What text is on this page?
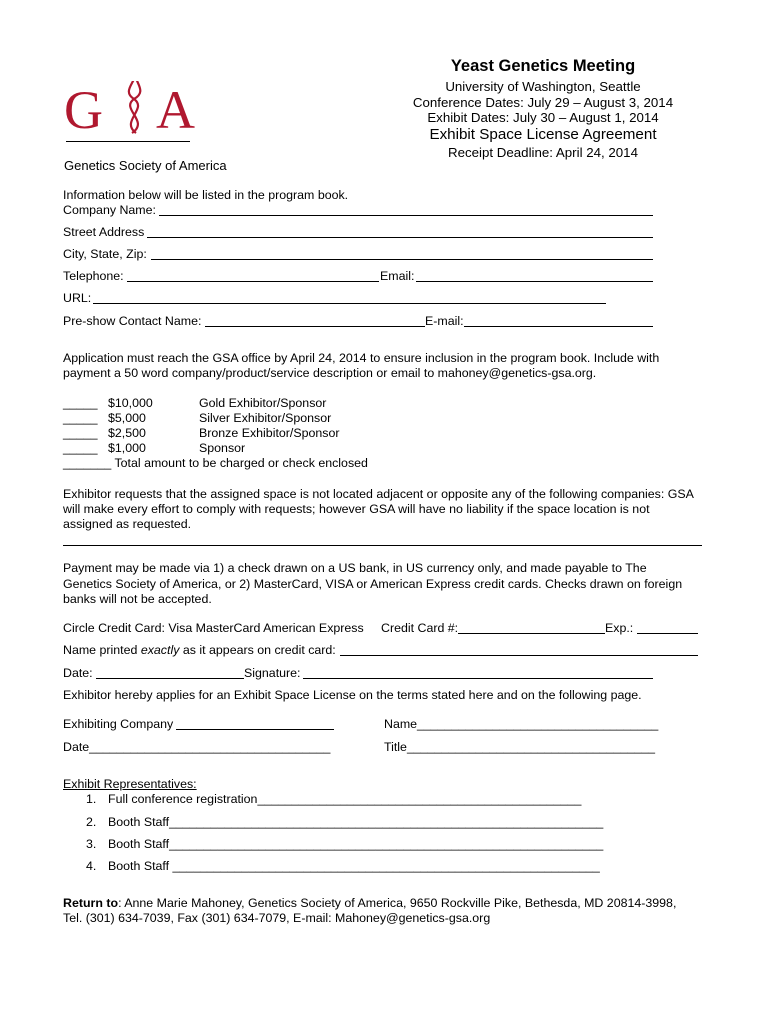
G A
Genetics Society of America
Yeast Genetics Meeting
University of Washington, Seattle
Conference Dates: July 29 – August 3, 2014
Exhibit Dates: July 30 – August 1, 2014
Exhibit Space License Agreement
Receipt Deadline: April 24, 2014
Information below will be listed in the program book.
Company Name:
Street Address
City, State, Zip:
Telephone:	Email:
URL:
Pre-show Contact Name:	E-mail:
Application must reach the GSA office by April 24, 2014 to ensure inclusion in the program book. Include with
payment a 50 word company/product/service description or email to mahoney@genetics-gsa.org.
_____ $10,000	Gold Exhibitor/Sponsor
_____ $5,000	Silver Exhibitor/Sponsor
_____ $2,500	Bronze Exhibitor/Sponsor
_____ $1,000	Sponsor
_______ Total amount to be charged or check enclosed
Exhibitor requests that the assigned space is not located adjacent or opposite any of the following companies: GSA
will make every effort to comply with requests; however GSA will have no liability if the space location is not
assigned as requested.
Payment may be made via 1) a check drawn on a US bank, in US currency only, and made payable to The
Genetics Society of America, or 2) MasterCard, VISA or American Express credit cards. Checks drawn on foreign
banks will not be accepted.
Circle Credit Card: Visa MasterCard American Express Credit Card #:	Exp.:
Name printed exactly as it appears on credit card:
Date:	Signature:
Exhibitor hereby applies for an Exhibit Space License on the terms stated here and on the following page.
Exhibiting Company	Name___________________________________
Date___________________________________	Title____________________________________
Exhibit Representatives:
1. Full conference registration_______________________________________________
2. Booth Staff_______________________________________________________________
3. Booth Staff_______________________________________________________________
4. Booth Staff ______________________________________________________________
Return to: Anne Marie Mahoney, Genetics Society of America, 9650 Rockville Pike, Bethesda, MD 20814-3998,
Tel. (301) 634-7039, Fax (301) 634-7079, E-mail: Mahoney@genetics-gsa.org
